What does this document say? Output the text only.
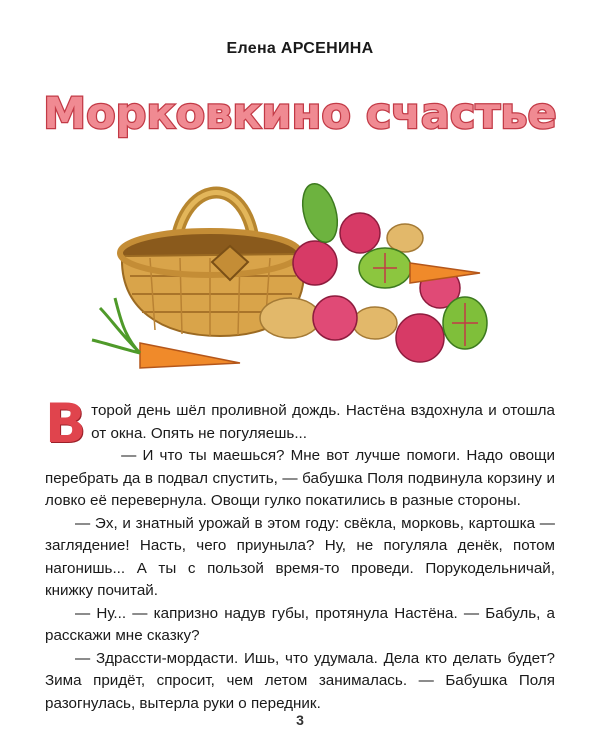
Елена АРСЕНИНА
Морковкино счастье

Второй день шёл проливной дождь. Настёна вздохнула и отошла от окна. Опять не погуляешь...

— И что ты маешься? Мне вот лучше помоги. Надо овощи перебрать да в подвал спустить, — бабушка Поля подвинула корзину и ловко её перевернула. Овощи гулко покатились в разные стороны.

— Эх, и знатный урожай в этом году: свёкла, морковь, картошка — заглядение! Насть, чего приуныла? Ну, не погуляла денёк, потом нагонишь... А ты с пользой время-то проведи. Порукодельничай, книжку почитай.

— Ну... — капризно надув губы, протянула Настёна. — Бабуль, а расскажи мне сказку?

— Здрассти-мордасти. Ишь, что удумала. Дела кто делать будет? Зима придёт, спросит, чем летом занималась. — Бабушка Поля разогнулась, вытерла руки о передник.

3
